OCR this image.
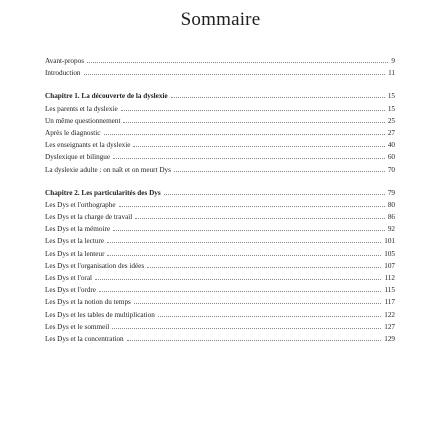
Sommaire
Avant-propos	9
Introduction	11
Chapitre 1. La découverte de la dyslexie	15
Les parents et la dyslexie	15
Un même questionnement	25
Après le diagnostic	27
Les enseignants et la dyslexie	40
Dyslexique et bilingue	60
La dyslexie adulte : on naît et on meurt Dys	70
Chapitre 2. Les particularités des Dys	79
Les Dys et l'orthographe	80
Les Dys et la charge de travail	86
Les Dys et la mémoire	92
Les Dys et la lecture	101
Les Dys et la lenteur	105
Les Dys et l'organisation des idées	107
Les Dys et l'oral	112
Les Dys et l'ordre	115
Les Dys et la notion du temps	117
Les Dys et les tables de multiplication	122
Les Dys et le sommeil	127
Les Dys et la concentration	129
